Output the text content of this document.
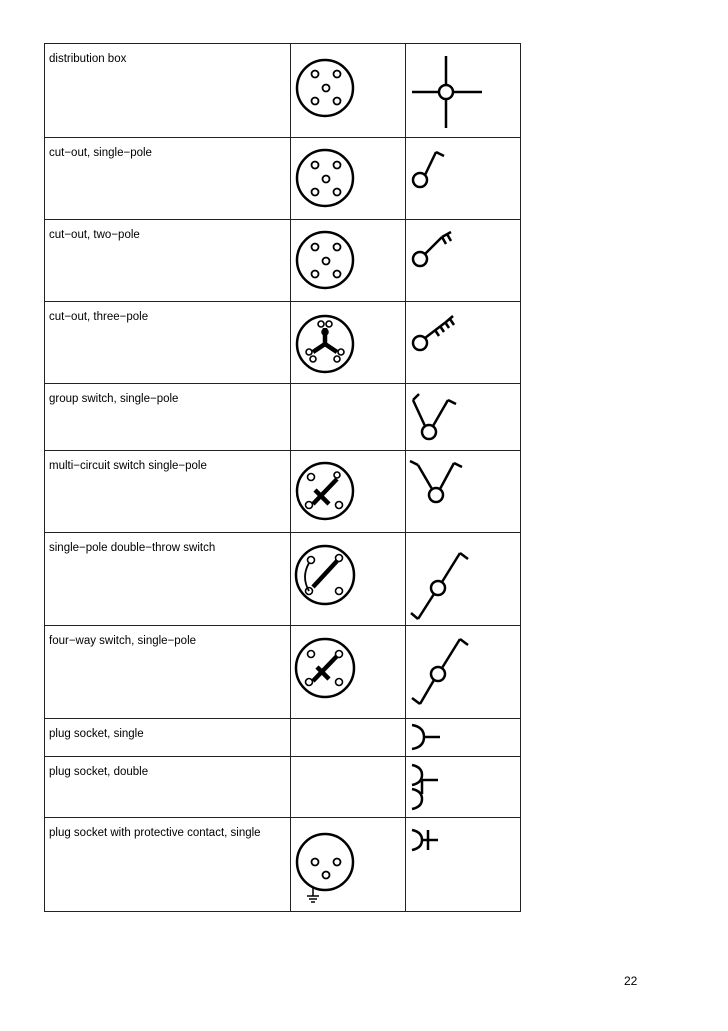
distribution box

cut−out, single−pole

cut−out, two−pole

cut−out, three−pole

group switch, single−pole

multi−circuit switch single−pole

single−pole double−throw switch

four−way switch, single−pole

plug socket, single

plug socket, double

plug socket with protective contact, single

22
